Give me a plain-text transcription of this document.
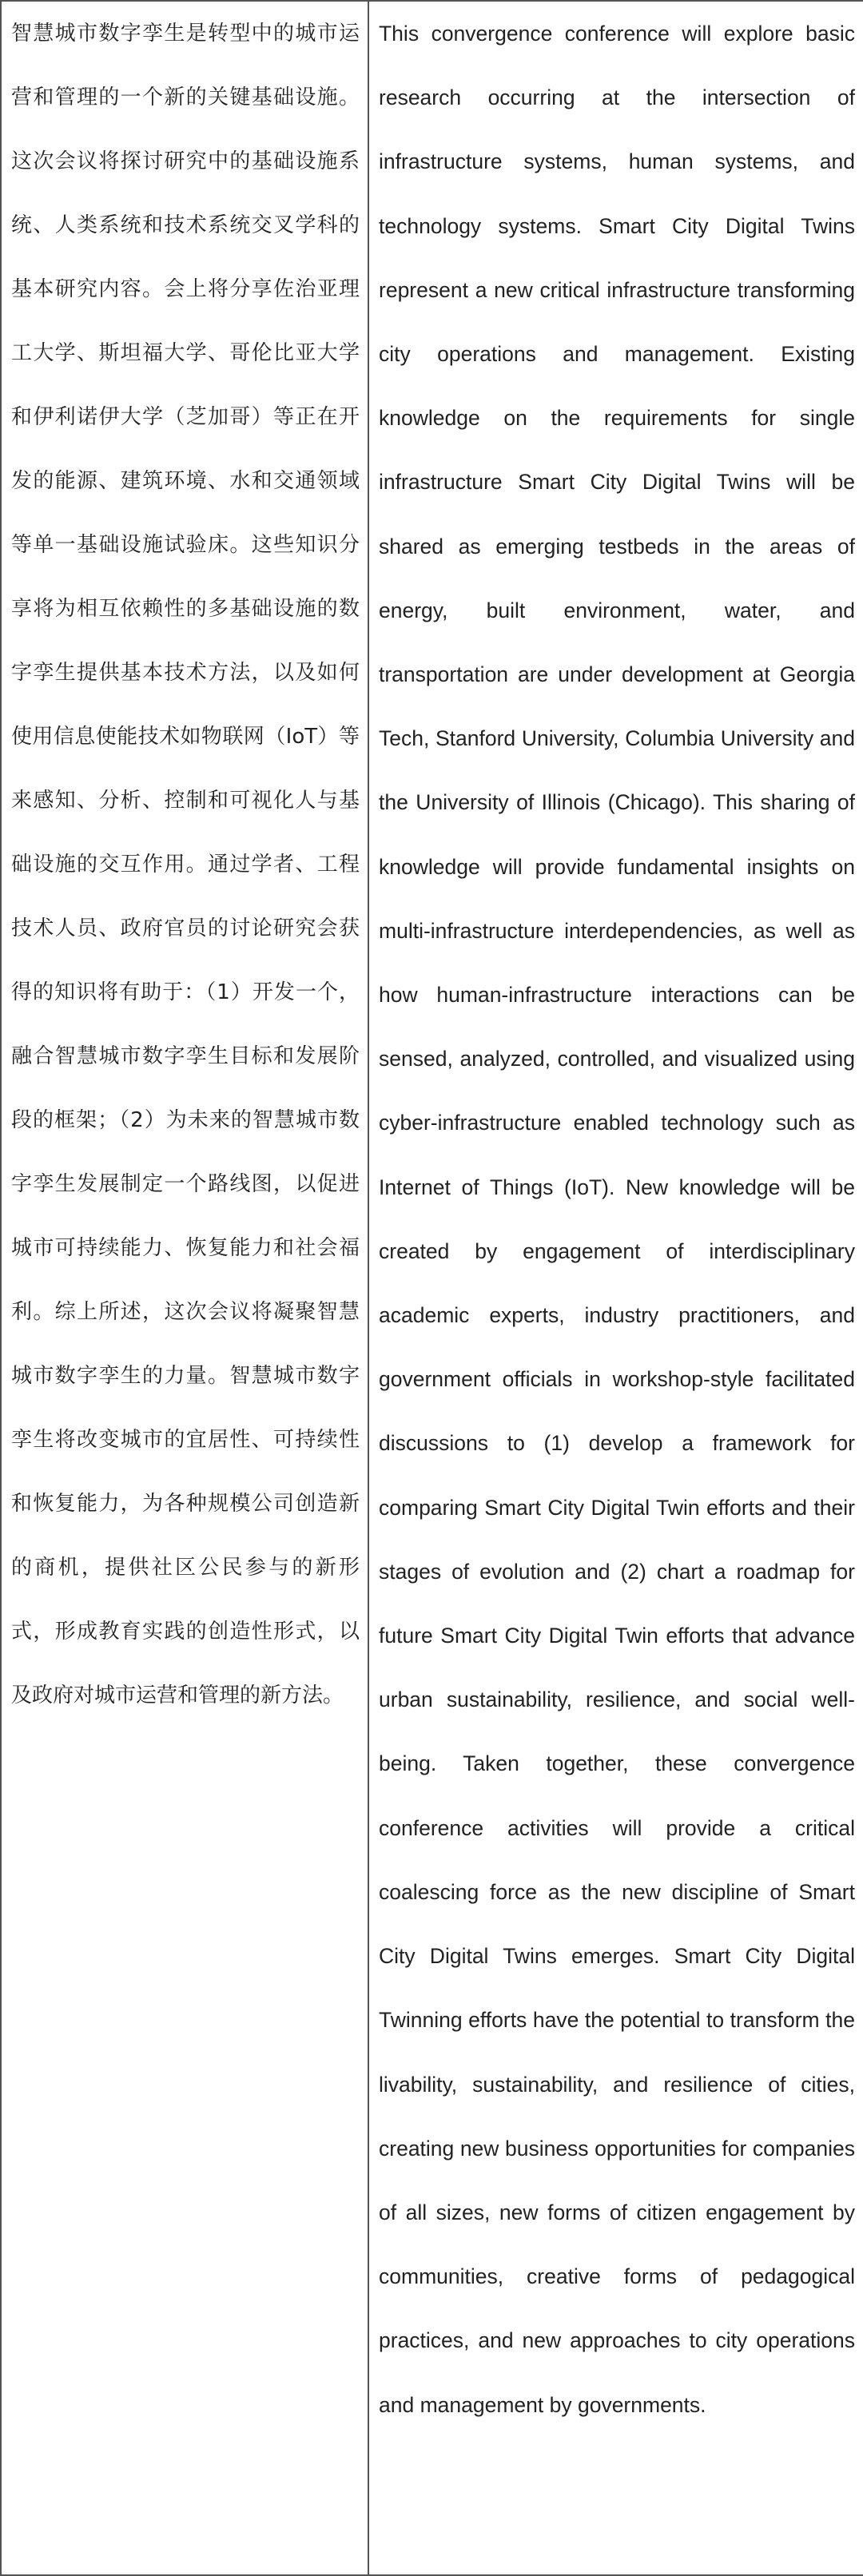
智慧城市数字孪生是转型中的城市运营和管理的一个新的关键基础设施。这次会议将探讨研究中的基础设施系统、人类系统和技术系统交叉学科的基本研究内容。会上将分享佐治亚理工大学、斯坦福大学、哥伦比亚大学和伊利诺伊大学（芝加哥）等正在开发的能源、建筑环境、水和交通领域等单一基础设施试验床。这些知识分享将为相互依赖性的多基础设施的数字孪生提供基本技术方法，以及如何使用信息使能技术如物联网（IoT）等来感知、分析、控制和可视化人与基础设施的交互作用。通过学者、工程技术人员、政府官员的讨论研究会获得的知识将有助于：（1）开发一个，融合智慧城市数字孪生目标和发展阶段的框架；（2）为未来的智慧城市数字孪生发展制定一个路线图，以促进城市可持续能力、恢复能力和社会福利。综上所述，这次会议将凝聚智慧城市数字孪生的力量。智慧城市数字孪生将改变城市的宜居性、可持续性和恢复能力，为各种规模公司创造新的商机，提供社区公民参与的新形式，形成教育实践的创造性形式，以及政府对城市运营和管理的新方法。

This convergence conference will explore basic research occurring at the intersection of infrastructure systems, human systems, and technology systems. Smart City Digital Twins represent a new critical infrastructure transforming city operations and management. Existing knowledge on the requirements for single infrastructure Smart City Digital Twins will be shared as emerging testbeds in the areas of energy, built environment, water, and transportation are under development at Georgia Tech, Stanford University, Columbia University and the University of Illinois (Chicago). This sharing of knowledge will provide fundamental insights on multi-infrastructure interdependencies, as well as how human-infrastructure interactions can be sensed, analyzed, controlled, and visualized using cyber-infrastructure enabled technology such as Internet of Things (IoT). New knowledge will be created by engagement of interdisciplinary academic experts, industry practitioners, and government officials in workshop-style facilitated discussions to (1) develop a framework for comparing Smart City Digital Twin efforts and their stages of evolution and (2) chart a roadmap for future Smart City Digital Twin efforts that advance urban sustainability, resilience, and social well-being. Taken together, these convergence conference activities will provide a critical coalescing force as the new discipline of Smart City Digital Twins emerges. Smart City Digital Twinning efforts have the potential to transform the livability, sustainability, and resilience of cities, creating new business opportunities for companies of all sizes, new forms of citizen engagement by communities, creative forms of pedagogical practices, and new approaches to city operations and management by governments.
